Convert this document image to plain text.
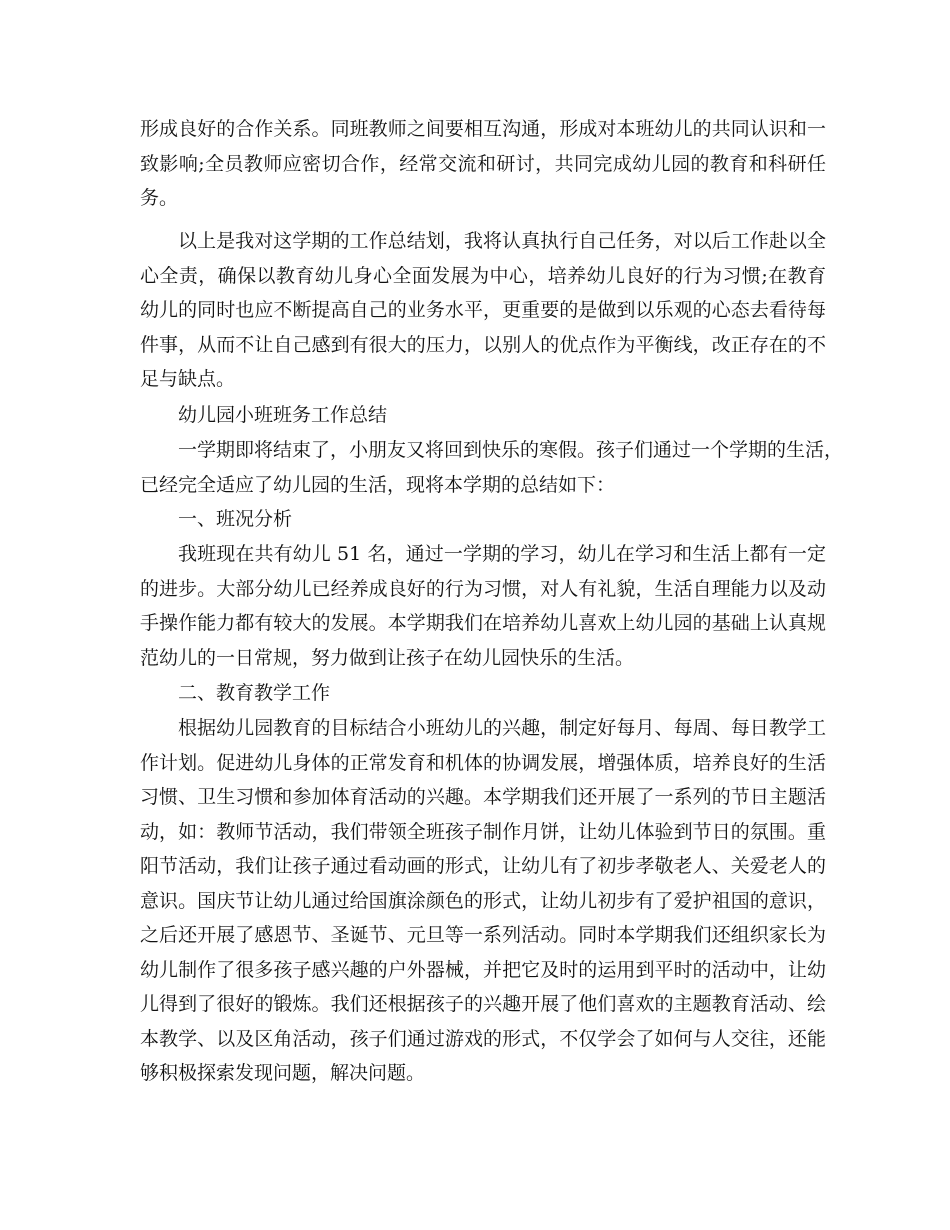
形成良好的合作关系。同班教师之间要相互沟通，形成对本班幼儿的共同认识和一
致影响;全员教师应密切合作，经常交流和研讨，共同完成幼儿园的教育和科研任
务。
以上是我对这学期的工作总结划，我将认真执行自己任务，对以后工作赴以全
心全责，确保以教育幼儿身心全面发展为中心，培养幼儿良好的行为习惯;在教育
幼儿的同时也应不断提高自己的业务水平，更重要的是做到以乐观的心态去看待每
件事，从而不让自己感到有很大的压力，以别人的优点作为平衡线，改正存在的不
足与缺点。
幼儿园小班班务工作总结
一学期即将结束了，小朋友又将回到快乐的寒假。孩子们通过一个学期的生活，
已经完全适应了幼儿园的生活，现将本学期的总结如下：
一、班况分析
我班现在共有幼儿 51 名，通过一学期的学习，幼儿在学习和生活上都有一定
的进步。大部分幼儿已经养成良好的行为习惯，对人有礼貌，生活自理能力以及动
手操作能力都有较大的发展。本学期我们在培养幼儿喜欢上幼儿园的基础上认真规
范幼儿的一日常规，努力做到让孩子在幼儿园快乐的生活。
二、教育教学工作
根据幼儿园教育的目标结合小班幼儿的兴趣，制定好每月、每周、每日教学工
作计划。促进幼儿身体的正常发育和机体的协调发展，增强体质，培养良好的生活
习惯、卫生习惯和参加体育活动的兴趣。本学期我们还开展了一系列的节日主题活
动，如：教师节活动，我们带领全班孩子制作月饼，让幼儿体验到节日的氛围。重
阳节活动，我们让孩子通过看动画的形式，让幼儿有了初步孝敬老人、关爱老人的
意识。国庆节让幼儿通过给国旗涂颜色的形式，让幼儿初步有了爱护祖国的意识，
之后还开展了感恩节、圣诞节、元旦等一系列活动。同时本学期我们还组织家长为
幼儿制作了很多孩子感兴趣的户外器械，并把它及时的运用到平时的活动中，让幼
儿得到了很好的锻炼。我们还根据孩子的兴趣开展了他们喜欢的主题教育活动、绘
本教学、以及区角活动，孩子们通过游戏的形式，不仅学会了如何与人交往，还能
够积极探索发现问题，解决问题。
